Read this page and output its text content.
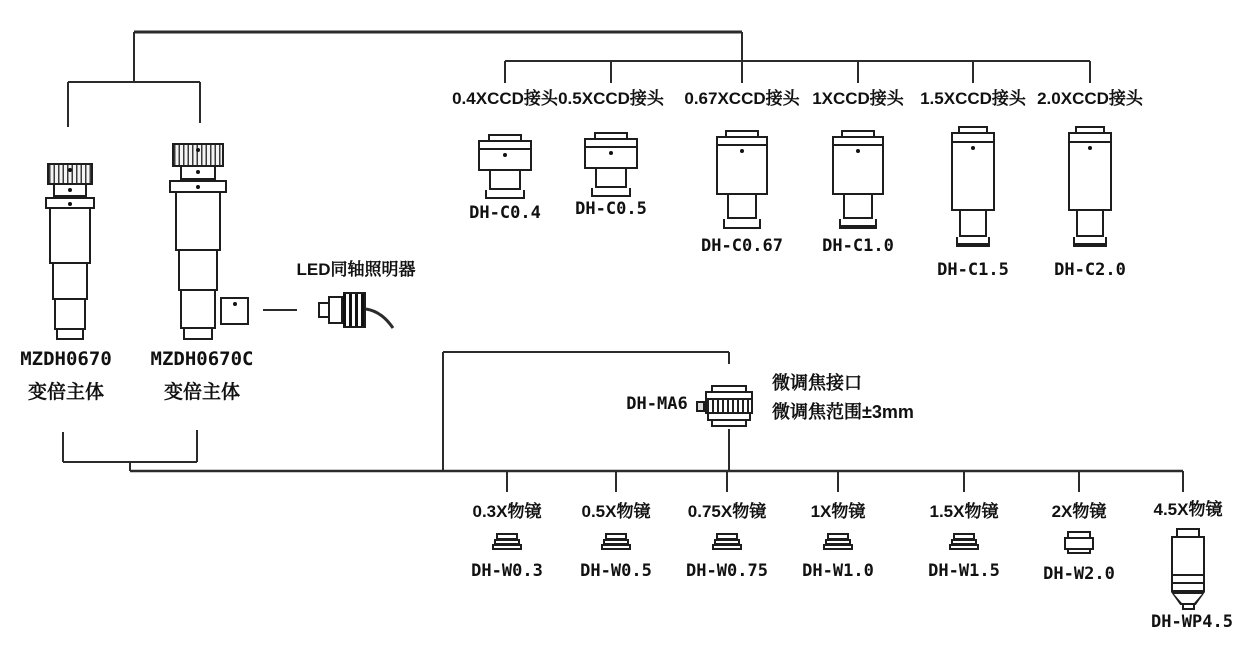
MZDH0670
变倍主体
MZDH0670C
变倍主体
LED同轴照明器
0.4XCCD接头 0.5XCCD接头 0.67XCCD接头 1XCCD接头 1.5XCCD接头 2.0XCCD接头
DH-C0.4 DH-C0.5
DH-C0.67 DH-C1.0
DH-C1.5	DH-C2.0
DH-MA6
微调焦接口
微调焦范围±3mm
0.3X物镜 0.5X物镜 0.75X物镜	1X物镜	1.5X物镜	2X物镜	4.5X物镜
DH-W0.3 DH-W0.5 DH-W0.75 DH-W1.0	DH-W1.5	DH-W2.0
DH-WP4.5
